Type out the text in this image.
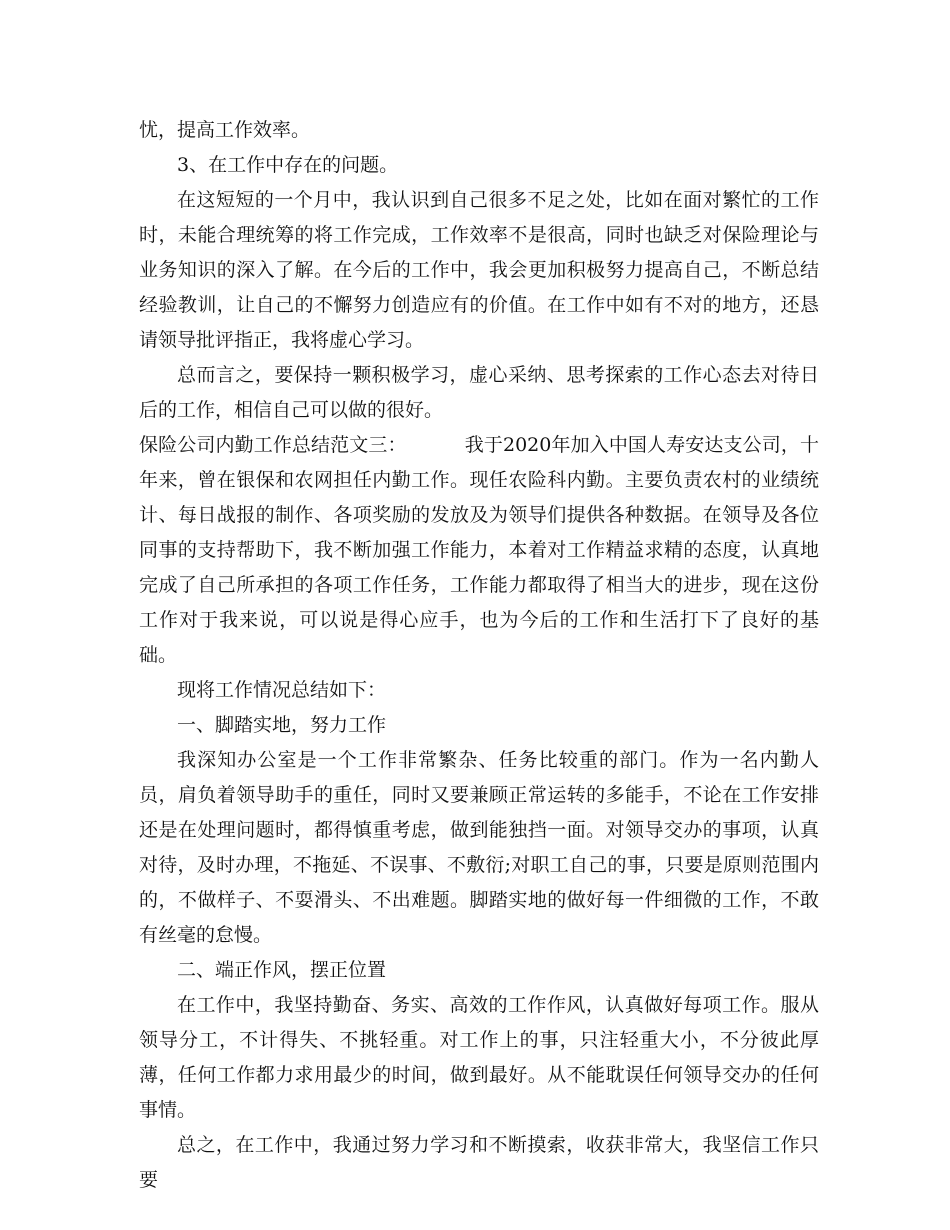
忧，提高工作效率。

3、在工作中存在的问题。

在这短短的一个月中，我认识到自己很多不足之处，比如在面对繁忙的工作时，未能合理统筹的将工作完成，工作效率不是很高，同时也缺乏对保险理论与业务知识的深入了解。在今后的工作中，我会更加积极努力提高自己，不断总结经验教训，让自己的不懈努力创造应有的价值。在工作中如有不对的地方，还恳请领导批评指正，我将虚心学习。

总而言之，要保持一颗积极学习，虚心采纳、思考探索的工作心态去对待日后的工作，相信自己可以做的很好。

保险公司内勤工作总结范文三：	我于2020年加入中国人寿安达支公司，十年来，曾在银保和农网担任内勤工作。现任农险科内勤。主要负责农村的业绩统计、每日战报的制作、各项奖励的发放及为领导们提供各种数据。在领导及各位同事的支持帮助下，我不断加强工作能力，本着对工作精益求精的态度，认真地完成了自己所承担的各项工作任务，工作能力都取得了相当大的进步，现在这份工作对于我来说，可以说是得心应手，也为今后的工作和生活打下了良好的基础。

现将工作情况总结如下：

一、脚踏实地，努力工作

我深知办公室是一个工作非常繁杂、任务比较重的部门。作为一名内勤人员，肩负着领导助手的重任，同时又要兼顾正常运转的多能手，不论在工作安排还是在处理问题时，都得慎重考虑，做到能独挡一面。对领导交办的事项，认真对待，及时办理，不拖延、不误事、不敷衍;对职工自己的事，只要是原则范围内的，不做样子、不耍滑头、不出难题。脚踏实地的做好每一件细微的工作，不敢有丝毫的怠慢。

二、端正作风，摆正位置

在工作中，我坚持勤奋、务实、高效的工作作风，认真做好每项工作。服从领导分工，不计得失、不挑轻重。对工作上的事，只注轻重大小，不分彼此厚薄，任何工作都力求用最少的时间，做到最好。从不能耽误任何领导交办的任何事情。

总之，在工作中，我通过努力学习和不断摸索，收获非常大，我坚信工作只要
